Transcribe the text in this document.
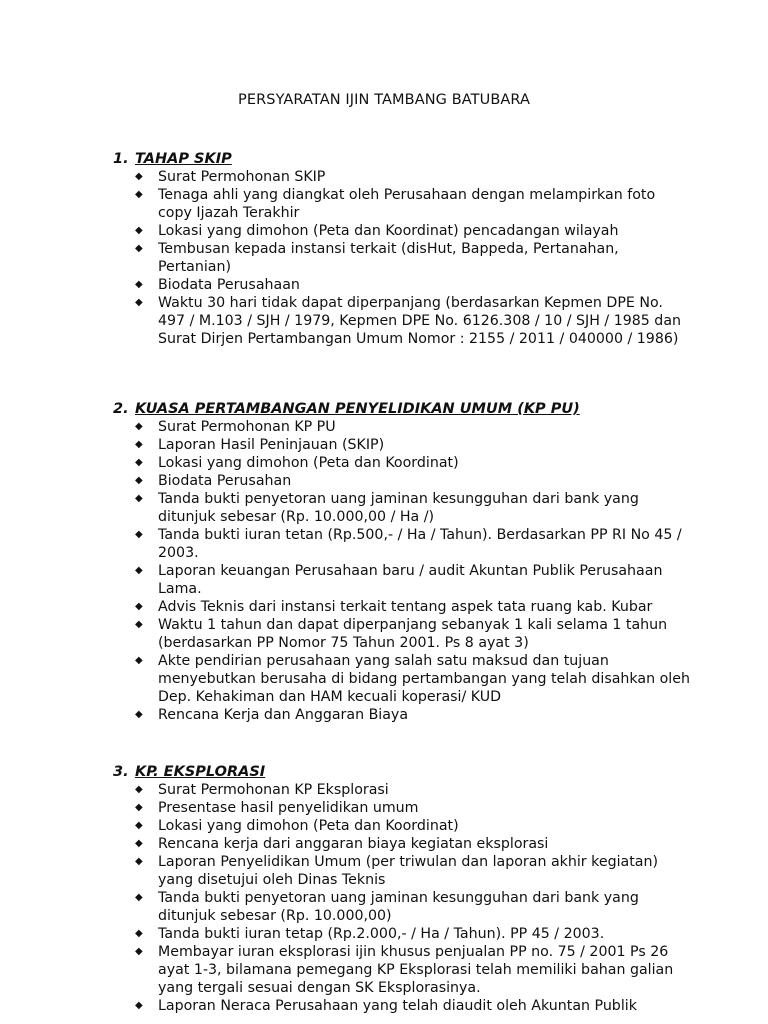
PERSYARATAN IJIN TAMBANG BATUBARA
1. TAHAP SKIP
◆ Surat Permohonan SKIP
◆ Tenaga ahli yang diangkat oleh Perusahaan dengan melampirkan foto copy Ijazah Terakhir
◆ Lokasi yang dimohon (Peta dan Koordinat) pencadangan wilayah
◆ Tembusan kepada instansi terkait (disHut, Bappeda, Pertanahan, Pertanian)
◆ Biodata Perusahaan
◆ Waktu 30 hari tidak dapat diperpanjang (berdasarkan Kepmen DPE No. 497 / M.103 / SJH / 1979, Kepmen DPE No. 6126.308 / 10 / SJH / 1985 dan Surat Dirjen Pertambangan Umum Nomor : 2155 / 2011 / 040000 / 1986)
2. KUASA PERTAMBANGAN PENYELIDIKAN UMUM (KP PU)
◆ Surat Permohonan KP PU
◆ Laporan Hasil Peninjauan (SKIP)
◆ Lokasi yang dimohon (Peta dan Koordinat)
◆ Biodata Perusahan
◆ Tanda bukti penyetoran uang jaminan kesungguhan dari bank yang ditunjuk sebesar (Rp. 10.000,00 / Ha /)
◆ Tanda bukti iuran tetan (Rp.500,- / Ha / Tahun). Berdasarkan PP RI No 45 / 2003.
◆ Laporan keuangan Perusahaan baru / audit Akuntan Publik Perusahaan Lama.
◆ Advis Teknis dari instansi terkait tentang aspek tata ruang kab. Kubar
◆ Waktu 1 tahun dan dapat diperpanjang sebanyak 1 kali selama 1 tahun (berdasarkan PP Nomor 75 Tahun 2001. Ps 8 ayat 3)
◆ Akte pendirian perusahaan yang salah satu maksud dan tujuan menyebutkan berusaha di bidang pertambangan yang telah disahkan oleh Dep. Kehakiman dan HAM kecuali koperasi/ KUD
◆ Rencana Kerja dan Anggaran Biaya
3. KP. EKSPLORASI
◆ Surat Permohonan KP Eksplorasi
◆ Presentase hasil penyelidikan umum
◆ Lokasi yang dimohon (Peta dan Koordinat)
◆ Rencana kerja dari anggaran biaya kegiatan eksplorasi
◆ Laporan Penyelidikan Umum (per triwulan dan laporan akhir kegiatan) yang disetujui oleh Dinas Teknis
◆ Tanda bukti penyetoran uang jaminan kesungguhan dari bank yang ditunjuk sebesar (Rp. 10.000,00)
◆ Tanda bukti iuran tetap (Rp.2.000,- / Ha / Tahun). PP 45 / 2003.
◆ Membayar iuran eksplorasi ijin khusus penjualan PP no. 75 / 2001 Ps 26 ayat 1-3, bilamana pemegang KP Eksplorasi telah memiliki bahan galian yang tergali sesuai dengan SK Eksplorasinya.
◆ Laporan Neraca Perusahaan yang telah diaudit oleh Akuntan Publik
